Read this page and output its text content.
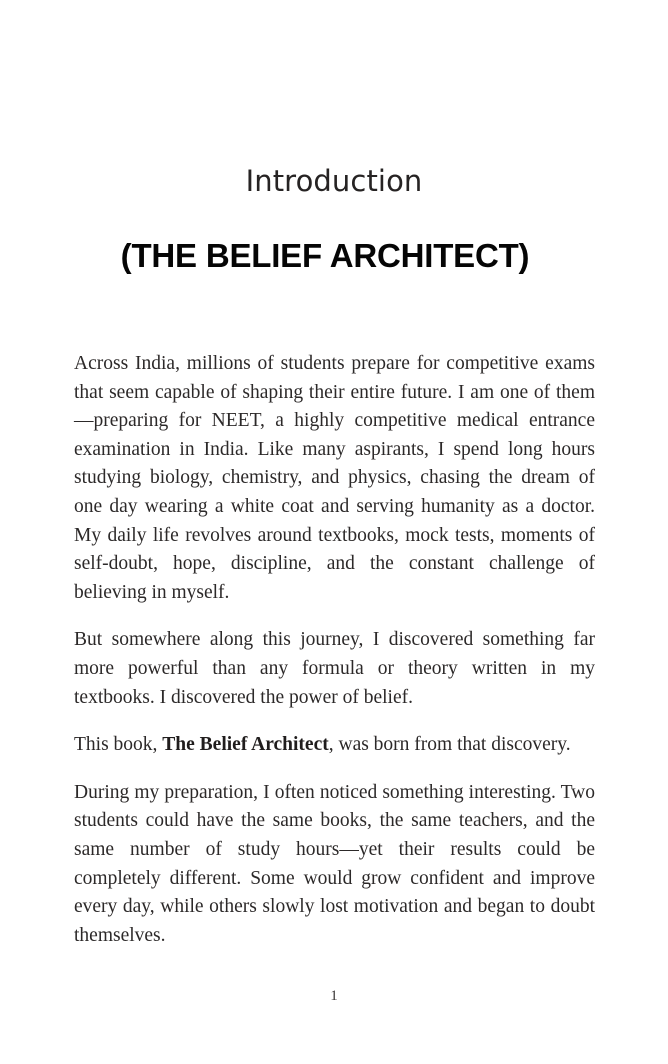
Introduction
(THE BELIEF ARCHITECT)

Across India, millions of students prepare for competitive exams that seem capable of shaping their entire future. I am one of them—preparing for NEET, a highly competitive medical entrance examination in India. Like many aspirants, I spend long hours studying biology, chemistry, and physics, chasing the dream of one day wearing a white coat and serving humanity as a doctor. My daily life revolves around textbooks, mock tests, moments of self-doubt, hope, discipline, and the constant challenge of believing in myself.

But somewhere along this journey, I discovered something far more powerful than any formula or theory written in my textbooks. I discovered the power of belief.

This book, The Belief Architect, was born from that discovery.

During my preparation, I often noticed something interesting. Two students could have the same books, the same teachers, and the same number of study hours—yet their results could be completely different. Some would grow confident and improve every day, while others slowly lost motivation and began to doubt themselves.

1
